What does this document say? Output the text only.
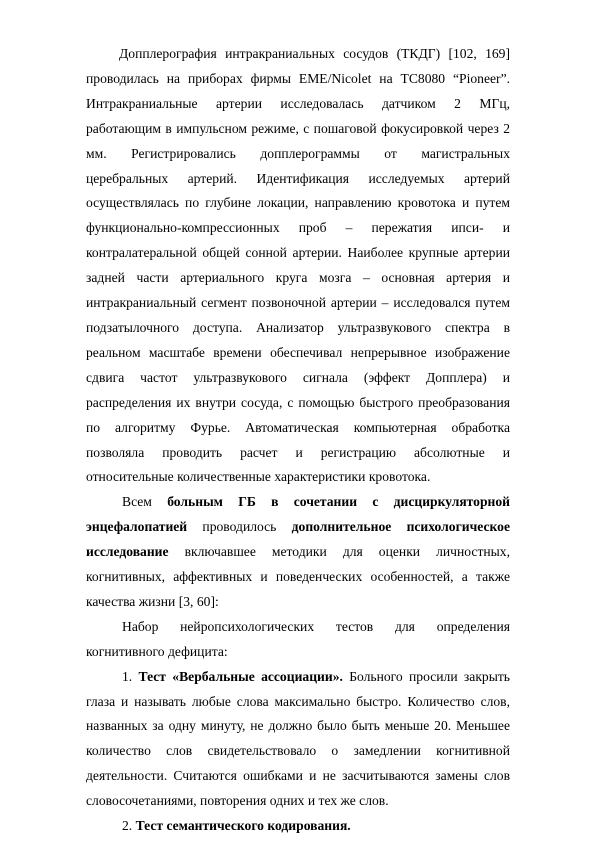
Допплерография интракраниальных сосудов (ТКДГ) [102, 169] проводилась на приборах фирмы EME/Nicolet на ТС8080 “Pioneer”. Интракраниальные артерии исследовалась датчиком 2 МГц, работающим в импульсном режиме, с пошаговой фокусировкой через 2 мм. Регистрировались допплерограммы от магистральных церебральных артерий. Идентификация исследуемых артерий осуществлялась по глубине локации, направлению кровотока и путем функционально-компрессионных проб – пережатия ипси- и контралатеральной общей сонной артерии. Наиболее крупные артерии задней части артериального круга мозга – основная артерия и интракраниальный сегмент позвоночной артерии – исследовался путем подзатылочного доступа. Анализатор ультразвукового спектра в реальном масштабе времени обеспечивал непрерывное изображение сдвига частот ультразвукового сигнала (эффект Допплера) и распределения их внутри сосуда, с помощью быстрого преобразования по алгоритму Фурье. Автоматическая компьютерная обработка позволяла проводить расчет и регистрацию абсолютные и относительные количественные характеристики кровотока.

Всем больным ГБ в сочетании с дисциркуляторной энцефалопатией проводилось дополнительное психологическое исследование включавшее методики для оценки личностных, когнитивных, аффективных и поведенческих особенностей, а также качества жизни [3, 60]:

Набор нейропсихологических тестов для определения когнитивного дефицита:

1. Тест «Вербальные ассоциации». Больного просили закрыть глаза и называть любые слова максимально быстро. Количество слов, названных за одну минуту, не должно было быть меньше 20. Меньшее количество слов свидетельствовало о замедлении когнитивной деятельности. Считаются ошибками и не засчитываются замены слов словосочетаниями, повторения одних и тех же слов.

2. Тест семантического кодирования.
